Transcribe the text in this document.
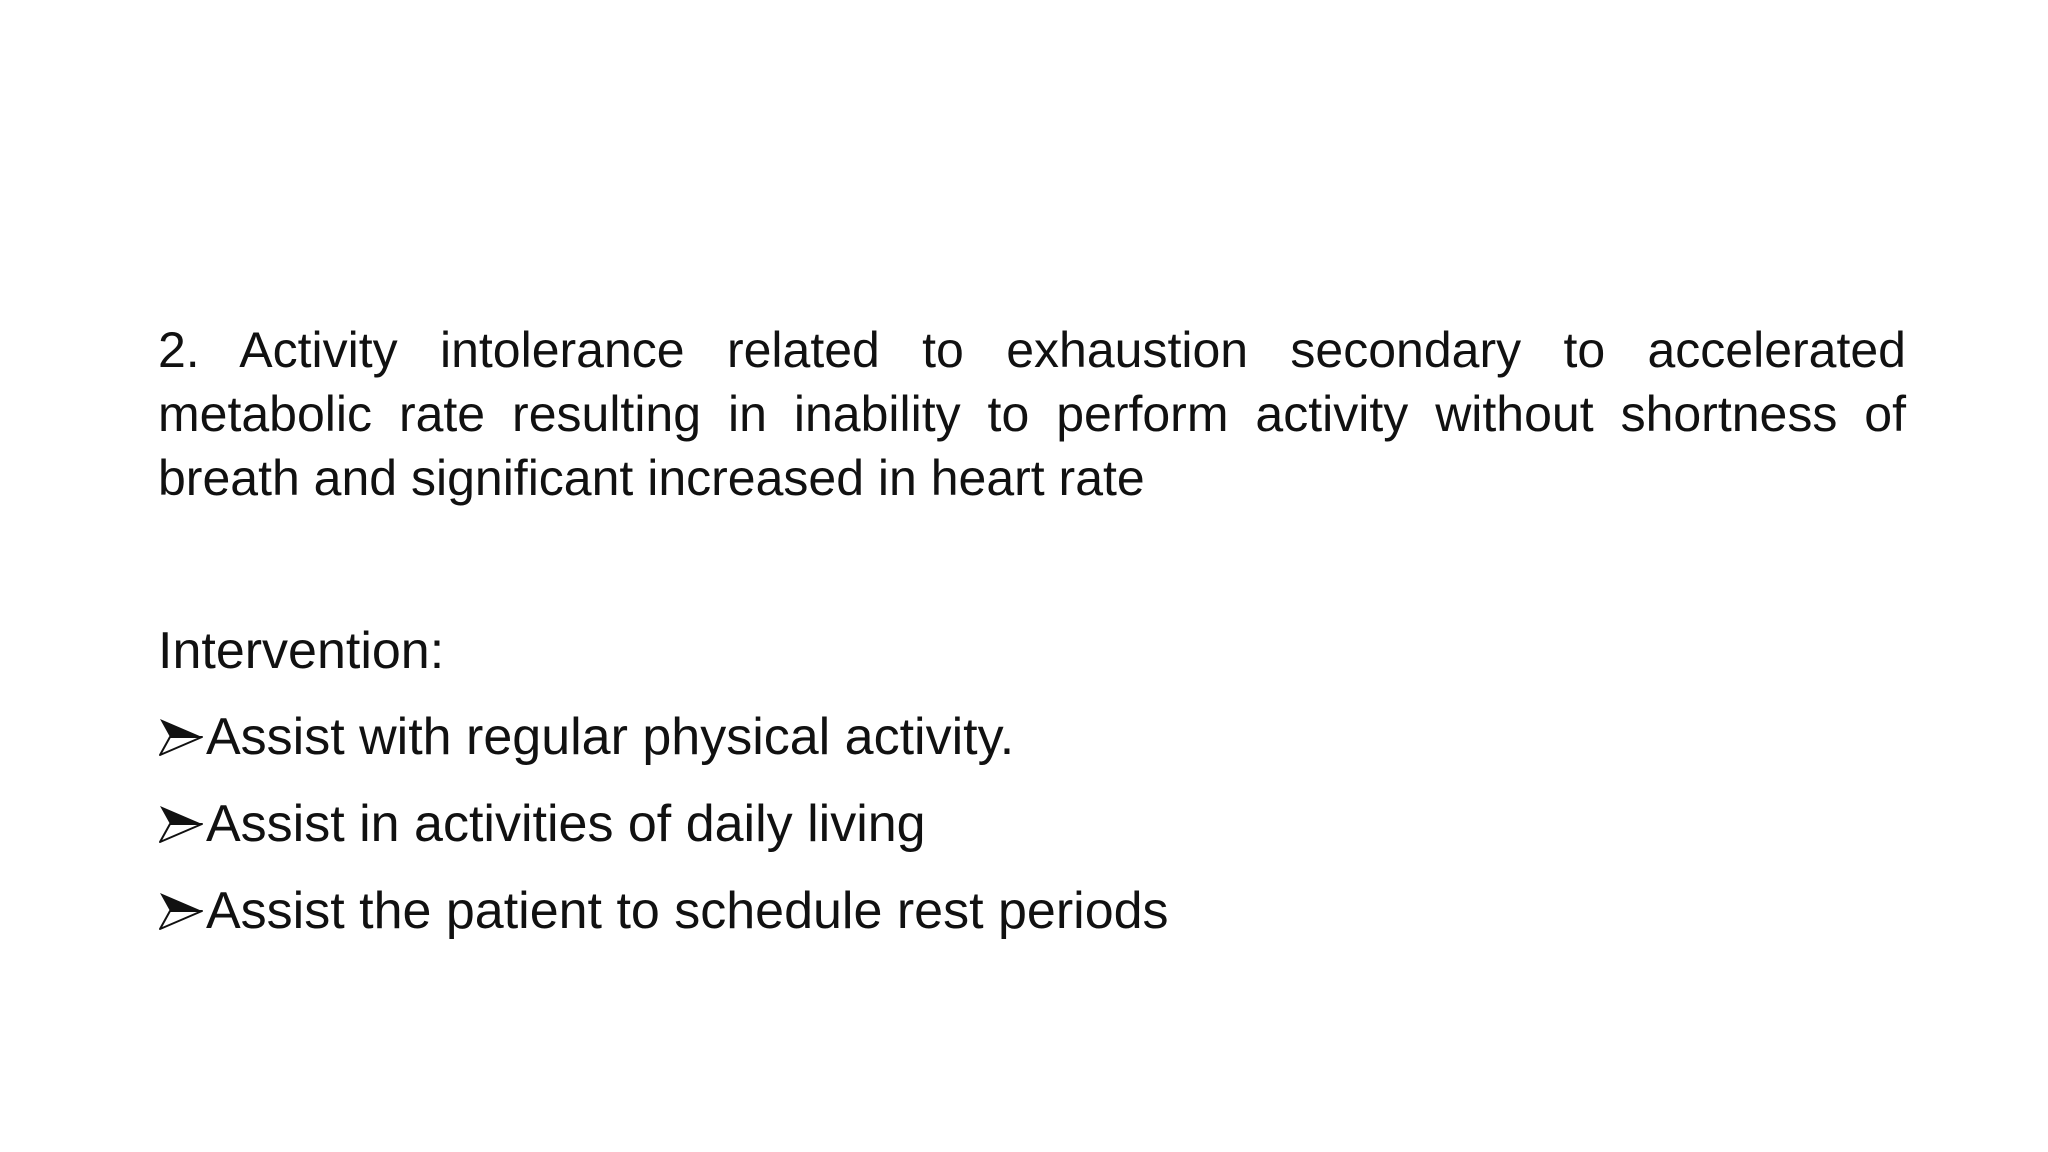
2. Activity intolerance related to exhaustion secondary to accelerated metabolic rate resulting in inability to perform activity without shortness of breath and significant increased in heart rate

Intervention:

Assist with regular physical activity.
Assist in activities of daily living
Assist the patient to schedule rest periods
